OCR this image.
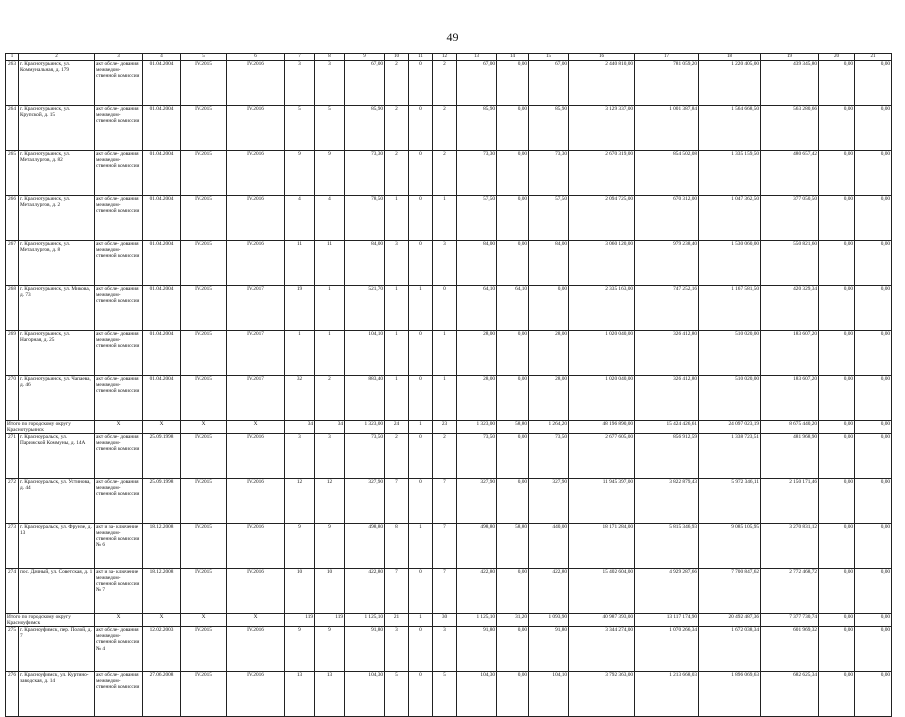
49
1	2	3	4	5	6	7	8	9	10	11	12	13	14	15	16	17	18	19	20	21
263	г. Краснотурьинск, ул. Коммунальная, д. 179	акт обсле- дования межведом- ственной комиссии	01.04.2004	IV.2015	IV.2016	3	3	67,00	2	0	2	67,00	0,00	67,00	2 440 810,00	781 059,20	1 220 405,00	439 345,80	0,00	0,00
264	г. Краснотурьинск, ул. Крупской, д. 15	акт обсле- дования межведом- ственной комиссии	01.04.2004	IV.2015	IV.2016	5	5	85,90	2	0	2	85,90	0,00	85,90	3 129 337,00	1 001 387,84	1 564 668,50	563 280,66	0,00	0,00
265	г. Краснотурьинск, ул. Металлургов, д. 82	акт обсле- дования межведом- ственной комиссии	01.04.2004	IV.2015	IV.2016	9	9	73,30	2	0	2	73,30	0,00	73,30	2 670 319,00	854 502,08	1 335 159,50	480 657,42	0,00	0,00
266	г. Краснотурьинск, ул. Металлургов, д. 2	акт обсле- дования межведом- ственной комиссии	01.04.2004	IV.2015	IV.2016	4	4	78,50	1	0	1	57,50	0,00	57,50	2 094 725,00	670 312,00	1 047 362,50	377 050,50	0,00	0,00
267	г. Краснотурьинск, ул. Металлургов, д. 8	акт обсле- дования межведом- ственной комиссии	01.04.2004	IV.2015	IV.2016	11	11	84,00	3	0	3	84,00	0,00	84,00	3 060 120,00	979 238,40	1 530 060,00	550 821,60	0,00	0,00
268	г. Краснотурьинск, ул. Микова, д. 73	акт обсле- дования межведом- ственной комиссии	01.04.2004	IV.2015	IV.2017	19	1	521,70	1	1	0	64,10	64,10	0,00	2 335 163,00	747 252,16	1 167 581,50	420 329,34	0,00	0,00
269	г. Краснотурьинск, ул. Нагорная, д. 25	акт обсле- дования межведом- ственной комиссии	01.04.2004	IV.2015	IV.2017	1	1	104,10	1	0	1	28,00	0,00	28,00	1 020 040,00	326 412,80	510 020,00	183 607,20	0,00	0,00
270	г. Краснотурьинск, ул. Чапаева, д. 46	акт обсле- дования межведом- ственной комиссии	01.04.2004	IV.2015	IV.2017	32	2	883,40	1	0	1	28,00	0,00	28,00	1 020 040,00	326 412,80	510 020,00	183 607,20	0,00	0,00
Итого по городскому округу Краснотурьинск		X	X	X	X	34	34	1 323,00	24	1	23	1 323,00	58,80	1 264,20	48 196 890,00	15 424 426,61	24 097 023,19	8 675 440,20	0,00	0,00
271	г. Красноуральск, ул. Парижской Коммуны, д. 14А	акт обсле- дования межведом- ственной комиссии	25.09.1998	IV.2015	IV.2016	3	3	73,50	2	0	2	73,50	0,00	73,50	2 677 605,00	856 912,59	1 338 723,51	481 968,90	0,00	0,00
272	г. Красноуральск, ул. Устинова, д. 44	акт обсле- дования межведом- ственной комиссии	25.09.1998	IV.2015	IV.2016	12	12	327,90	7	0	7	327,90	0,00	327,90	11 945 397,00	3 822 879,43	5 972 346,11	2 150 171,46	0,00	0,00
273	г. Красноуральск, ул. Фрунзе, д. 13	акт и за- ключение межведом- ственной комиссии № 6	18.12.2008	IV.2015	IV.2016	9	9	498,80	8	1	7	498,80	58,80	440,00	18 171 284,00	5 815 346,93	9 085 105,95	3 270 831,12	0,00	0,00
274	пос. Дачный, ул. Советская, д. 1	акт и за- ключение межведом- ственной комиссии № 7	18.12.2008	IV.2015	IV.2016	10	10	422,80	7	0	7	422,80	0,00	422,80	15 402 604,00	4 929 287,66	7 700 847,62	2 772 468,72	0,00	0,00
Итого по городскому округу Красноуфимск		X	X	X	X	119	119	1 125,10	21	1	30	1 125,10	31,20	1 093,90	40 987 393,00	13 117 174,90	20 492 487,36	7 377 730,74	0,00	0,00
275	г. Красноуфимск, пер. Полой, д. 7	акт обсле- дования межведом- ственной комиссии № 4	12.02.2003	IV.2015	IV.2016	9	9	91,80	3	0	3	91,80	0,00	91,80	3 344 274,00	1 070 266,34	1 672 038,34	601 969,32	0,00	0,00
276	г. Красноуфимск, ул. Куртино-заводская, д. 14	акт обсле- дования межведом- ственной комиссии	27.06.2008	IV.2015	IV.2016	13	13	104,30	5	0	5	104,30	0,00	104,10	3 792 363,00	1 213 668,03	1 896 069,63	682 625,34	0,00	0,00
